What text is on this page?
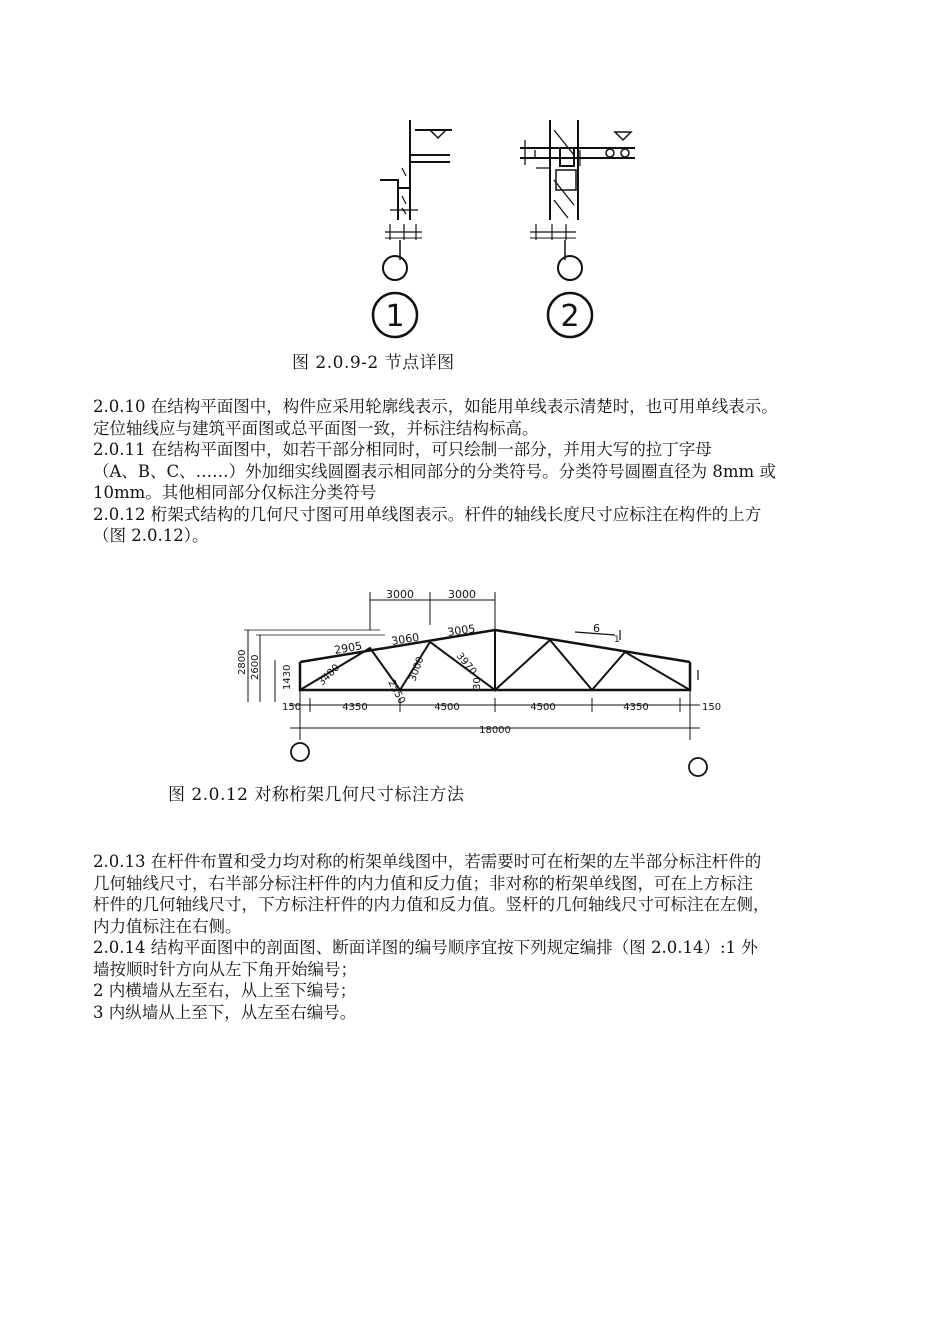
1	2
图 2.0.9-2 节点详图

2.0.10 在结构平面图中，构件应采用轮廓线表示，如能用单线表示清楚时，也可用单线表示。

定位轴线应与建筑平面图或总平面图一致，并标注结构标高。

2.0.11 在结构平面图中，如若干部分相同时，可只绘制一部分，并用大写的拉丁字母

（A、B、C、……）外加细实线圆圈表示相同部分的分类符号。分类符号圆圈直径为 8mm 或

10mm。其他相同部分仅标注分类符号

2.0.12 桁架式结构的几何尺寸图可用单线图表示。杆件的轴线长度尺寸应标注在构件的上方

（图 2.0.12）。

3000	3000
2905 3060
3005
3480
2550
3000	3970
30
2800 2600 1430
6
1
150	4350	4500	4500	4350	150
18000
图 2.0.12 对称桁架几何尺寸标注方法

2.0.13 在杆件布置和受力均对称的桁架单线图中，若需要时可在桁架的左半部分标注杆件的

几何轴线尺寸，右半部分标注杆件的内力值和反力值；非对称的桁架单线图，可在上方标注

杆件的几何轴线尺寸，下方标注杆件的内力值和反力值。竖杆的几何轴线尺寸可标注在左侧，

内力值标注在右侧。

2.0.14 结构平面图中的剖面图、断面详图的编号顺序宜按下列规定编排（图 2.0.14）:1 外

墙按顺时针方向从左下角开始编号；

2 内横墙从左至右，从上至下编号；

3 内纵墙从上至下，从左至右编号。
